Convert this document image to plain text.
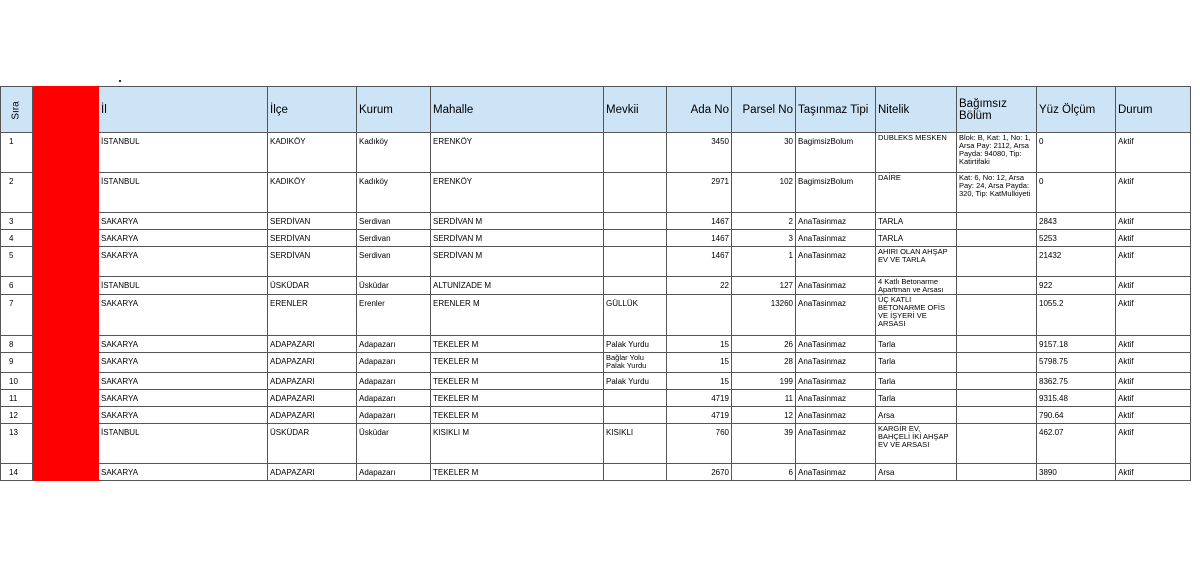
Sıra		İl	İlçe	Kurum	Mahalle	Mevkii	Ada No	Parsel No	Taşınmaz Tipi	Nitelik	Bağımsız Bölüm	Yüz Ölçüm	Durum
1		İSTANBUL	KADIKÖY	Kadıköy	ERENKÖY		3450	30	BagimsizBolum	DUBLEKS MESKEN	Blok: B, Kat: 1, No: 1, Arsa Pay: 2112, Arsa Payda: 94080, Tip: Katirtifaki	0	Aktif
2		İSTANBUL	KADIKÖY	Kadıköy	ERENKÖY		2971	102	BagimsizBolum	DAİRE	Kat: 6, No: 12, Arsa Pay: 24, Arsa Payda: 320, Tip: KatMulkiyeti	0	Aktif
3		SAKARYA	SERDİVAN	Serdivan	SERDİVAN M		1467	2	AnaTasinmaz	TARLA		2843	Aktif
4		SAKARYA	SERDİVAN	Serdivan	SERDİVAN M		1467	3	AnaTasinmaz	TARLA		5253	Aktif
5		SAKARYA	SERDİVAN	Serdivan	SERDİVAN M		1467	1	AnaTasinmaz	AHIRI OLAN AHŞAP EV VE TARLA		21432	Aktif
6		İSTANBUL	ÜSKÜDAR	Üsküdar	ALTUNİZADE M		22	127	AnaTasinmaz	4 Katlı Betonarme Apartman ve Arsası		922	Aktif
7		SAKARYA	ERENLER	Erenler	ERENLER M	GÜLLÜK		13260	AnaTasinmaz	ÜÇ KATLI BETONARME OFİS VE İŞYERİ VE ARSASI		1055.2	Aktif
8		SAKARYA	ADAPAZARI	Adapazarı	TEKELER M	Palak Yurdu	15	26	AnaTasinmaz	Tarla		9157.18	Aktif
9		SAKARYA	ADAPAZARI	Adapazarı	TEKELER M	Bağlar Yolu Palak Yurdu	15	28	AnaTasinmaz	Tarla		5798.75	Aktif
10		SAKARYA	ADAPAZARI	Adapazarı	TEKELER M	Palak Yurdu	15	199	AnaTasinmaz	Tarla		8362.75	Aktif
11		SAKARYA	ADAPAZARI	Adapazarı	TEKELER M		4719	11	AnaTasinmaz	Tarla		9315.48	Aktif
12		SAKARYA	ADAPAZARI	Adapazarı	TEKELER M		4719	12	AnaTasinmaz	Arsa		790.64	Aktif
13		İSTANBUL	ÜSKÜDAR	Üsküdar	KISIKLI M	KISIKLI	760	39	AnaTasinmaz	KARGİR EV, BAHÇELİ İKİ AHŞAP EV VE ARSASI		462.07	Aktif
14		SAKARYA	ADAPAZARI	Adapazarı	TEKELER M		2670	6	AnaTasinmaz	Arsa		3890	Aktif
